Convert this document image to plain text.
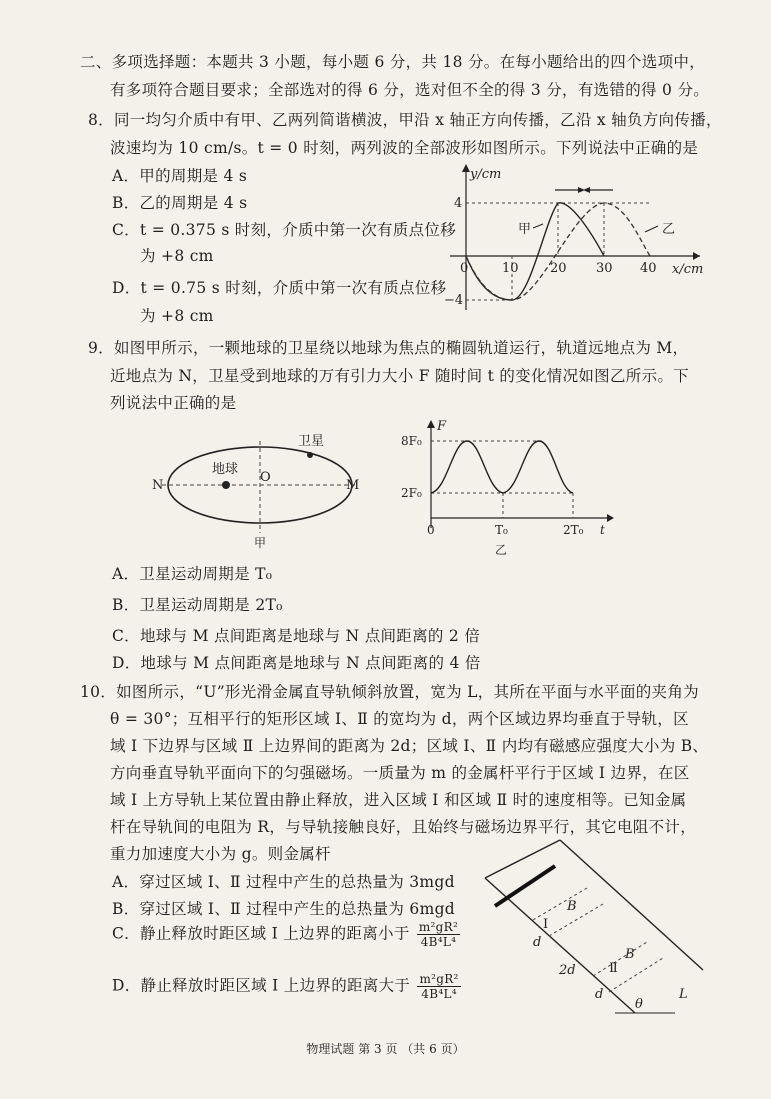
二、多项选择题：本题共 3 小题，每小题 6 分，共 18 分。在每小题给出的四个选项中，
有多项符合题目要求；全部选对的得 6 分，选对但不全的得 3 分，有选错的得 0 分。
8．同一均匀介质中有甲、乙两列简谐横波，甲沿 x 轴正方向传播，乙沿 x 轴负方向传播，
波速均为 10 cm/s。t = 0 时刻，两列波的全部波形如图所示。下列说法中正确的是
A．甲的周期是 4 s
B．乙的周期是 4 s
C．t = 0.375 s 时刻，介质中第一次有质点位移
为 +8 cm
D．t = 0.75 s 时刻，介质中第一次有质点位移
为 +8 cm
y/cm
x/cm
4
−4
0	10 20 30 40
甲	乙
9．如图甲所示，一颗地球的卫星绕以地球为焦点的椭圆轨道运行，轨道远地点为 M，
近地点为 N，卫星受到地球的万有引力大小 F 随时间 t 的变化情况如图乙所示。下
列说法中正确的是
地球
卫星
N
O
M
甲
F
8F₀
2F₀
0	T₀	2T₀ t
乙
A．卫星运动周期是 T₀
B．卫星运动周期是 2T₀
C．地球与 M 点间距离是地球与 N 点间距离的 2 倍
D．地球与 M 点间距离是地球与 N 点间距离的 4 倍
10．如图所示，“U”形光滑金属直导轨倾斜放置，宽为 L，其所在平面与水平面的夹角为
θ = 30°；互相平行的矩形区域 Ⅰ、Ⅱ 的宽均为 d，两个区域边界均垂直于导轨，区
域 Ⅰ 下边界与区域 Ⅱ 上边界间的距离为 2d；区域 Ⅰ、Ⅱ 内均有磁感应强度大小为 B、
方向垂直导轨平面向下的匀强磁场。一质量为 m 的金属杆平行于区域 Ⅰ 边界，在区
域 Ⅰ 上方导轨上某位置由静止释放，进入区域 Ⅰ 和区域 Ⅱ 时的速度相等。已知金属
杆在导轨间的电阻为 R，与导轨接触良好，且始终与磁场边界平行，其它电阻不计，
重力加速度大小为 g。则金属杆
A．穿过区域 Ⅰ、Ⅱ 过程中产生的总热量为 3mgd
B．穿过区域 Ⅰ、Ⅱ 过程中产生的总热量为 6mgd
C．静止释放时距区域 Ⅰ 上边界的距离小于 $\frac{\text{m²gR²}}{\text{4B⁴L⁴}}$
D．静止释放时距区域 Ⅰ 上边界的距离大于 $\frac{\text{m²gR²}}{\text{4B⁴L⁴}}$
Ⅰ
B
Ⅱ
B
d
2d
d
θ
L
物理试题 第 3 页 （共 6 页）
